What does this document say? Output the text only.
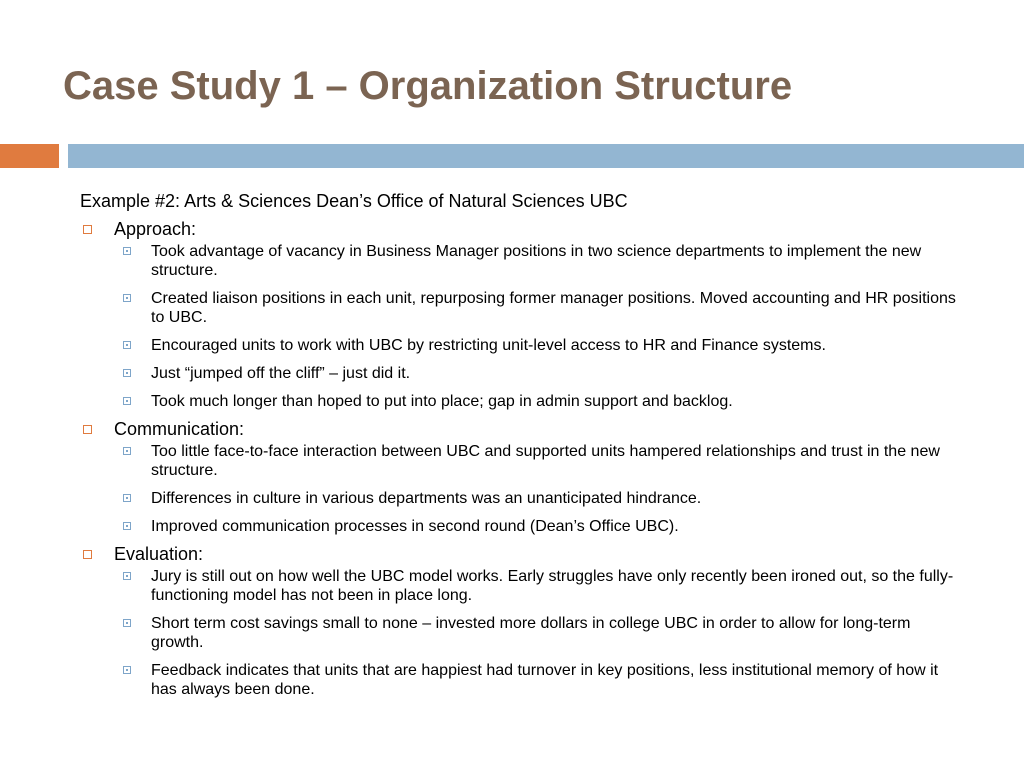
Case Study 1 – Organization Structure

Example #2: Arts & Sciences Dean’s Office of Natural Sciences UBC

Approach:

Took advantage of vacancy in Business Manager positions in two science departments to implement the new structure.
Created liaison positions in each unit, repurposing former manager positions. Moved accounting and HR positions to UBC.
Encouraged units to work with UBC by restricting unit-level access to HR and Finance systems.
Just “jumped off the cliff” – just did it.
Took much longer than hoped to put into place; gap in admin support and backlog.

Communication:

Too little face-to-face interaction between UBC and supported units hampered relationships and trust in the new structure.
Differences in culture in various departments was an unanticipated hindrance.
Improved communication processes in second round (Dean’s Office UBC).

Evaluation:

Jury is still out on how well the UBC model works. Early struggles have only recently been ironed out, so the fully-functioning model has not been in place long.
Short term cost savings small to none – invested more dollars in college UBC in order to allow for long-term growth.
Feedback indicates that units that are happiest had turnover in key positions, less institutional memory of how it has always been done.
